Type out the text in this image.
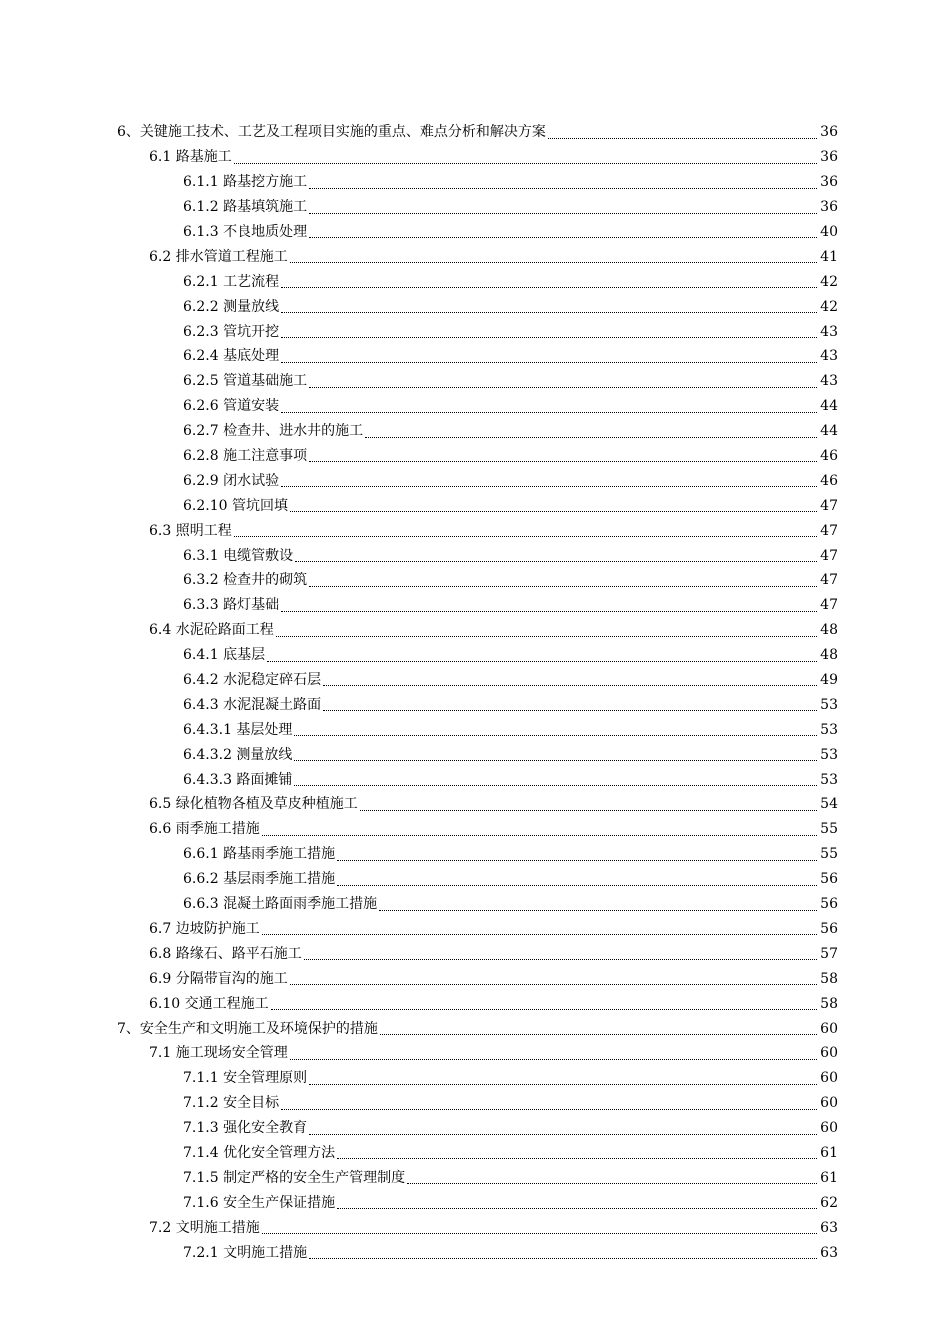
6、关键施工技术、工艺及工程项目实施的重点、难点分析和解决方案	36
6.1 路基施工	36
6.1.1 路基挖方施工	36
6.1.2 路基填筑施工	36
6.1.3 不良地质处理	40
6.2 排水管道工程施工	41
6.2.1 工艺流程	42
6.2.2 测量放线	42
6.2.3 管坑开挖	43
6.2.4 基底处理	43
6.2.5 管道基础施工	43
6.2.6 管道安装	44
6.2.7 检查井、进水井的施工	44
6.2.8 施工注意事项	46
6.2.9 闭水试验	46
6.2.10 管坑回填	47
6.3 照明工程	47
6.3.1 电缆管敷设	47
6.3.2 检查井的砌筑	47
6.3.3 路灯基础	47
6.4 水泥砼路面工程	48
6.4.1 底基层	48
6.4.2 水泥稳定碎石层	49
6.4.3 水泥混凝土路面	53
6.4.3.1 基层处理	53
6.4.3.2 测量放线	53
6.4.3.3 路面摊铺	53
6.5 绿化植物各植及草皮种植施工	54
6.6 雨季施工措施	55
6.6.1 路基雨季施工措施	55
6.6.2 基层雨季施工措施	56
6.6.3 混凝土路面雨季施工措施	56
6.7 边坡防护施工	56
6.8 路缘石、路平石施工	57
6.9 分隔带盲沟的施工	58
6.10 交通工程施工	58
7、安全生产和文明施工及环境保护的措施	60
7.1 施工现场安全管理	60
7.1.1 安全管理原则	60
7.1.2 安全目标	60
7.1.3 强化安全教育	60
7.1.4 优化安全管理方法	61
7.1.5 制定严格的安全生产管理制度	61
7.1.6 安全生产保证措施	62
7.2 文明施工措施	63
7.2.1 文明施工措施	63
